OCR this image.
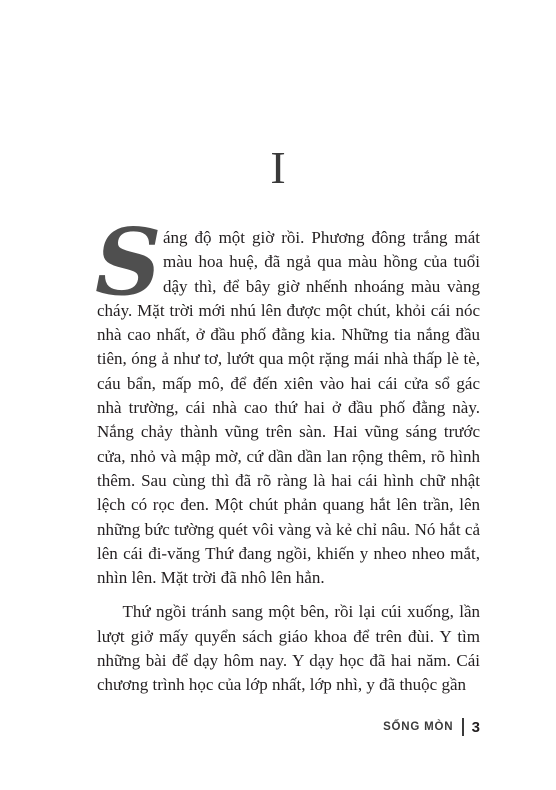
I

Sáng độ một giờ rồi. Phương đông trắng mát màu hoa huệ, đã ngả qua màu hồng của tuổi dậy thì, để bây giờ nhếnh nhoáng màu vàng cháy. Mặt trời mới nhú lên được một chút, khỏi cái nóc nhà cao nhất, ở đầu phố đằng kia. Những tia nắng đầu tiên, óng ả như tơ, lướt qua một rặng mái nhà thấp lè tè, cáu bẩn, mấp mô, để đến xiên vào hai cái cửa sổ gác nhà trường, cái nhà cao thứ hai ở đầu phố đằng này. Nắng chảy thành vũng trên sàn. Hai vũng sáng trước cửa, nhỏ và mập mờ, cứ dần dần lan rộng thêm, rõ hình thêm. Sau cùng thì đã rõ ràng là hai cái hình chữ nhật lệch có rọc đen. Một chút phản quang hắt lên trần, lên những bức tường quét vôi vàng và kẻ chỉ nâu. Nó hắt cả lên cái đi-văng Thứ đang ngồi, khiến y nheo nheo mắt, nhìn lên. Mặt trời đã nhô lên hẳn.

Thứ ngồi tránh sang một bên, rồi lại cúi xuống, lần lượt giở mấy quyển sách giáo khoa để trên đùi. Y tìm những bài để dạy hôm nay. Y dạy học đã hai năm. Cái chương trình học của lớp nhất, lớp nhì, y đã thuộc gần

SỐNG MÒN 3
